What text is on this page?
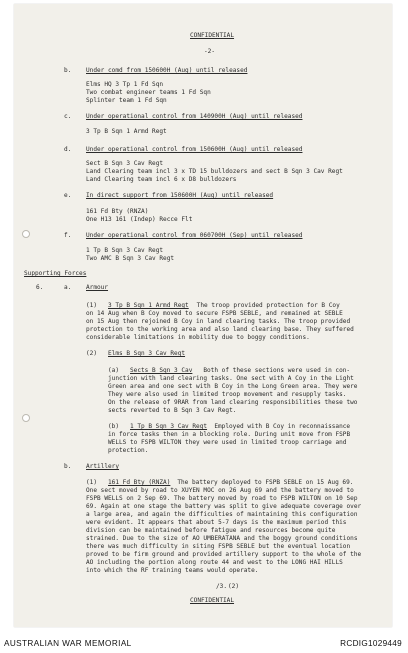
CONFIDENTIAL
-2-
b. Under comd from 150600H (Aug) until released
Elms HQ 3 Tp 1 Fd Sqn
Two combat engineer teams 1 Fd Sqn
Splinter team 1 Fd Sqn
c. Under operational control from 140900H (Aug) until released
3 Tp B Sqn 1 Armd Regt
d. Under operational control from 150600H (Aug) until released
Sect B Sqn 3 Cav Regt
Land Clearing team incl 3 x TD 15 bulldozers and sect B Sqn 3 Cav Regt
Land Clearing team incl 6 x D8 bulldozers
e. In direct support from 150600H (Aug) until released
161 Fd Bty (RNZA)
One H13 161 (Indep) Recce Flt
f. Under operational control from 060700H (Sep) until released
1 Tp B Sqn 3 Cav Regt
Two AMC B Sqn 3 Cav Regt
Supporting Forces
6.	a. Armour
(1) 3 Tp B Sqn 1 Armd Regt The troop provided protection for B Coy
on 14 Aug when B Coy moved to secure FSPB SEBLE, and remained at SEBLE
on 15 Aug then rejoined B Coy in land clearing tasks. The troop provided
protection to the working area and also land clearing base. They suffered
considerable limitations in mobility due to boggy conditions.
(2) Elms B Sqn 3 Cav Regt
(a) Sects B Sqn 3 Cav Both of these sections were used in con-
junction with land clearing tasks. One sect with A Coy in the Light
Green area and one sect with B Coy in the Long Green area. They were
They were also used in limited troop movement and resupply tasks.
On the release of 9RAR from land clearing responsibilities these two
sects reverted to B Sqn 3 Cav Regt.
(b) 1 Tp B Sqn 3 Cav Regt Employed with B Coy in reconnaissance
in force tasks then in a blocking role. During unit move from FSPB
WELLS to FSPB WILTON they were used in limited troop carriage and
protection.
b. Artillery
(1) 161 Fd Bty (RNZA) The battery deployed to FSPB SEBLE on 15 Aug 69.
One sect moved by road to XUYEN MOC on 26 Aug 69 and the battery moved to
FSPB WELLS on 2 Sep 69. The battery moved by road to FSPB WILTON on 10 Sep
69. Again at one stage the battery was split to give adequate coverage over
a large area, and again the difficulties of maintaining this configuration
were evident. It appears that about 5-7 days is the maximum period this
division can be maintained before fatigue and resources become quite
strained. Due to the size of AO UMBERATANA and the boggy ground conditions
there was much difficulty in siting FSPB SEBLE but the eventual location
proved to be firm ground and provided artillery support to the whole of the
AO including the portion along route 44 and west to the LONG HAI HILLS
into which the RF training teams would operate.
/3. (2)
CONFIDENTIAL
AUSTRALIAN WAR MEMORIAL	RCDIG1029449
